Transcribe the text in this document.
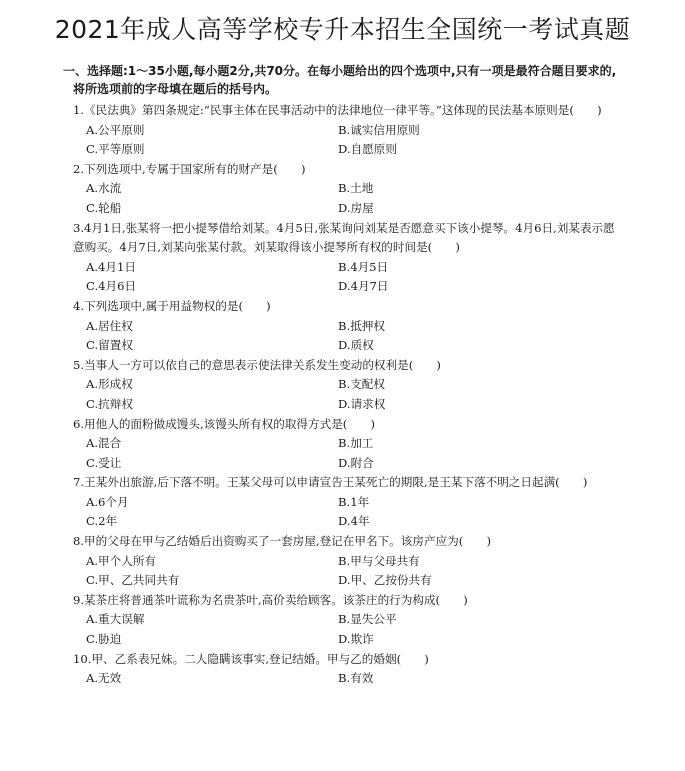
2021年成人高等学校专升本招生全国统一考试真题
一、选择题:1～35小题,每小题2分,共70分。在每小题给出的四个选项中,只有一项是最符合题目要求的,将所选项前的字母填在题后的括号内。
1.《民法典》第四条规定:“民事主体在民事活动中的法律地位一律平等。”这体现的民法基本原则是(　　)
A.公平原则	B.诚实信用原则
C.平等原则	D.自愿原则
2.下列选项中,专属于国家所有的财产是(　　)
A.水流	B.土地
C.轮船	D.房屋
3.4月1日,张某将一把小提琴借给刘某。4月5日,张某询问刘某是否愿意买下该小提琴。4月6日,刘某表示愿意购买。4月7日,刘某向张某付款。刘某取得该小提琴所有权的时间是(　　)
A.4月1日	B.4月5日
C.4月6日	D.4月7日
4.下列选项中,属于用益物权的是(　　)
A.居住权	B.抵押权
C.留置权	D.质权
5.当事人一方可以依自己的意思表示使法律关系发生变动的权利是(　　)
A.形成权	B.支配权
C.抗辩权	D.请求权
6.用他人的面粉做成馒头,该馒头所有权的取得方式是(　　)
A.混合	B.加工
C.受让	D.附合
7.王某外出旅游,后下落不明。王某父母可以申请宣告王某死亡的期限,是王某下落不明之日起满(　　)
A.6个月	B.1年
C.2年	D.4年
8.甲的父母在甲与乙结婚后出资购买了一套房屋,登记在甲名下。该房产应为(　　)
A.甲个人所有	B.甲与父母共有
C.甲、乙共同共有	D.甲、乙按份共有
9.某茶庄将普通茶叶谎称为名贵茶叶,高价卖给顾客。该茶庄的行为构成(　　)
A.重大误解	B.显失公平
C.胁迫	D.欺诈
10.甲、乙系表兄妹。二人隐瞒该事实,登记结婚。甲与乙的婚姻(　　)
A.无效	B.有效
